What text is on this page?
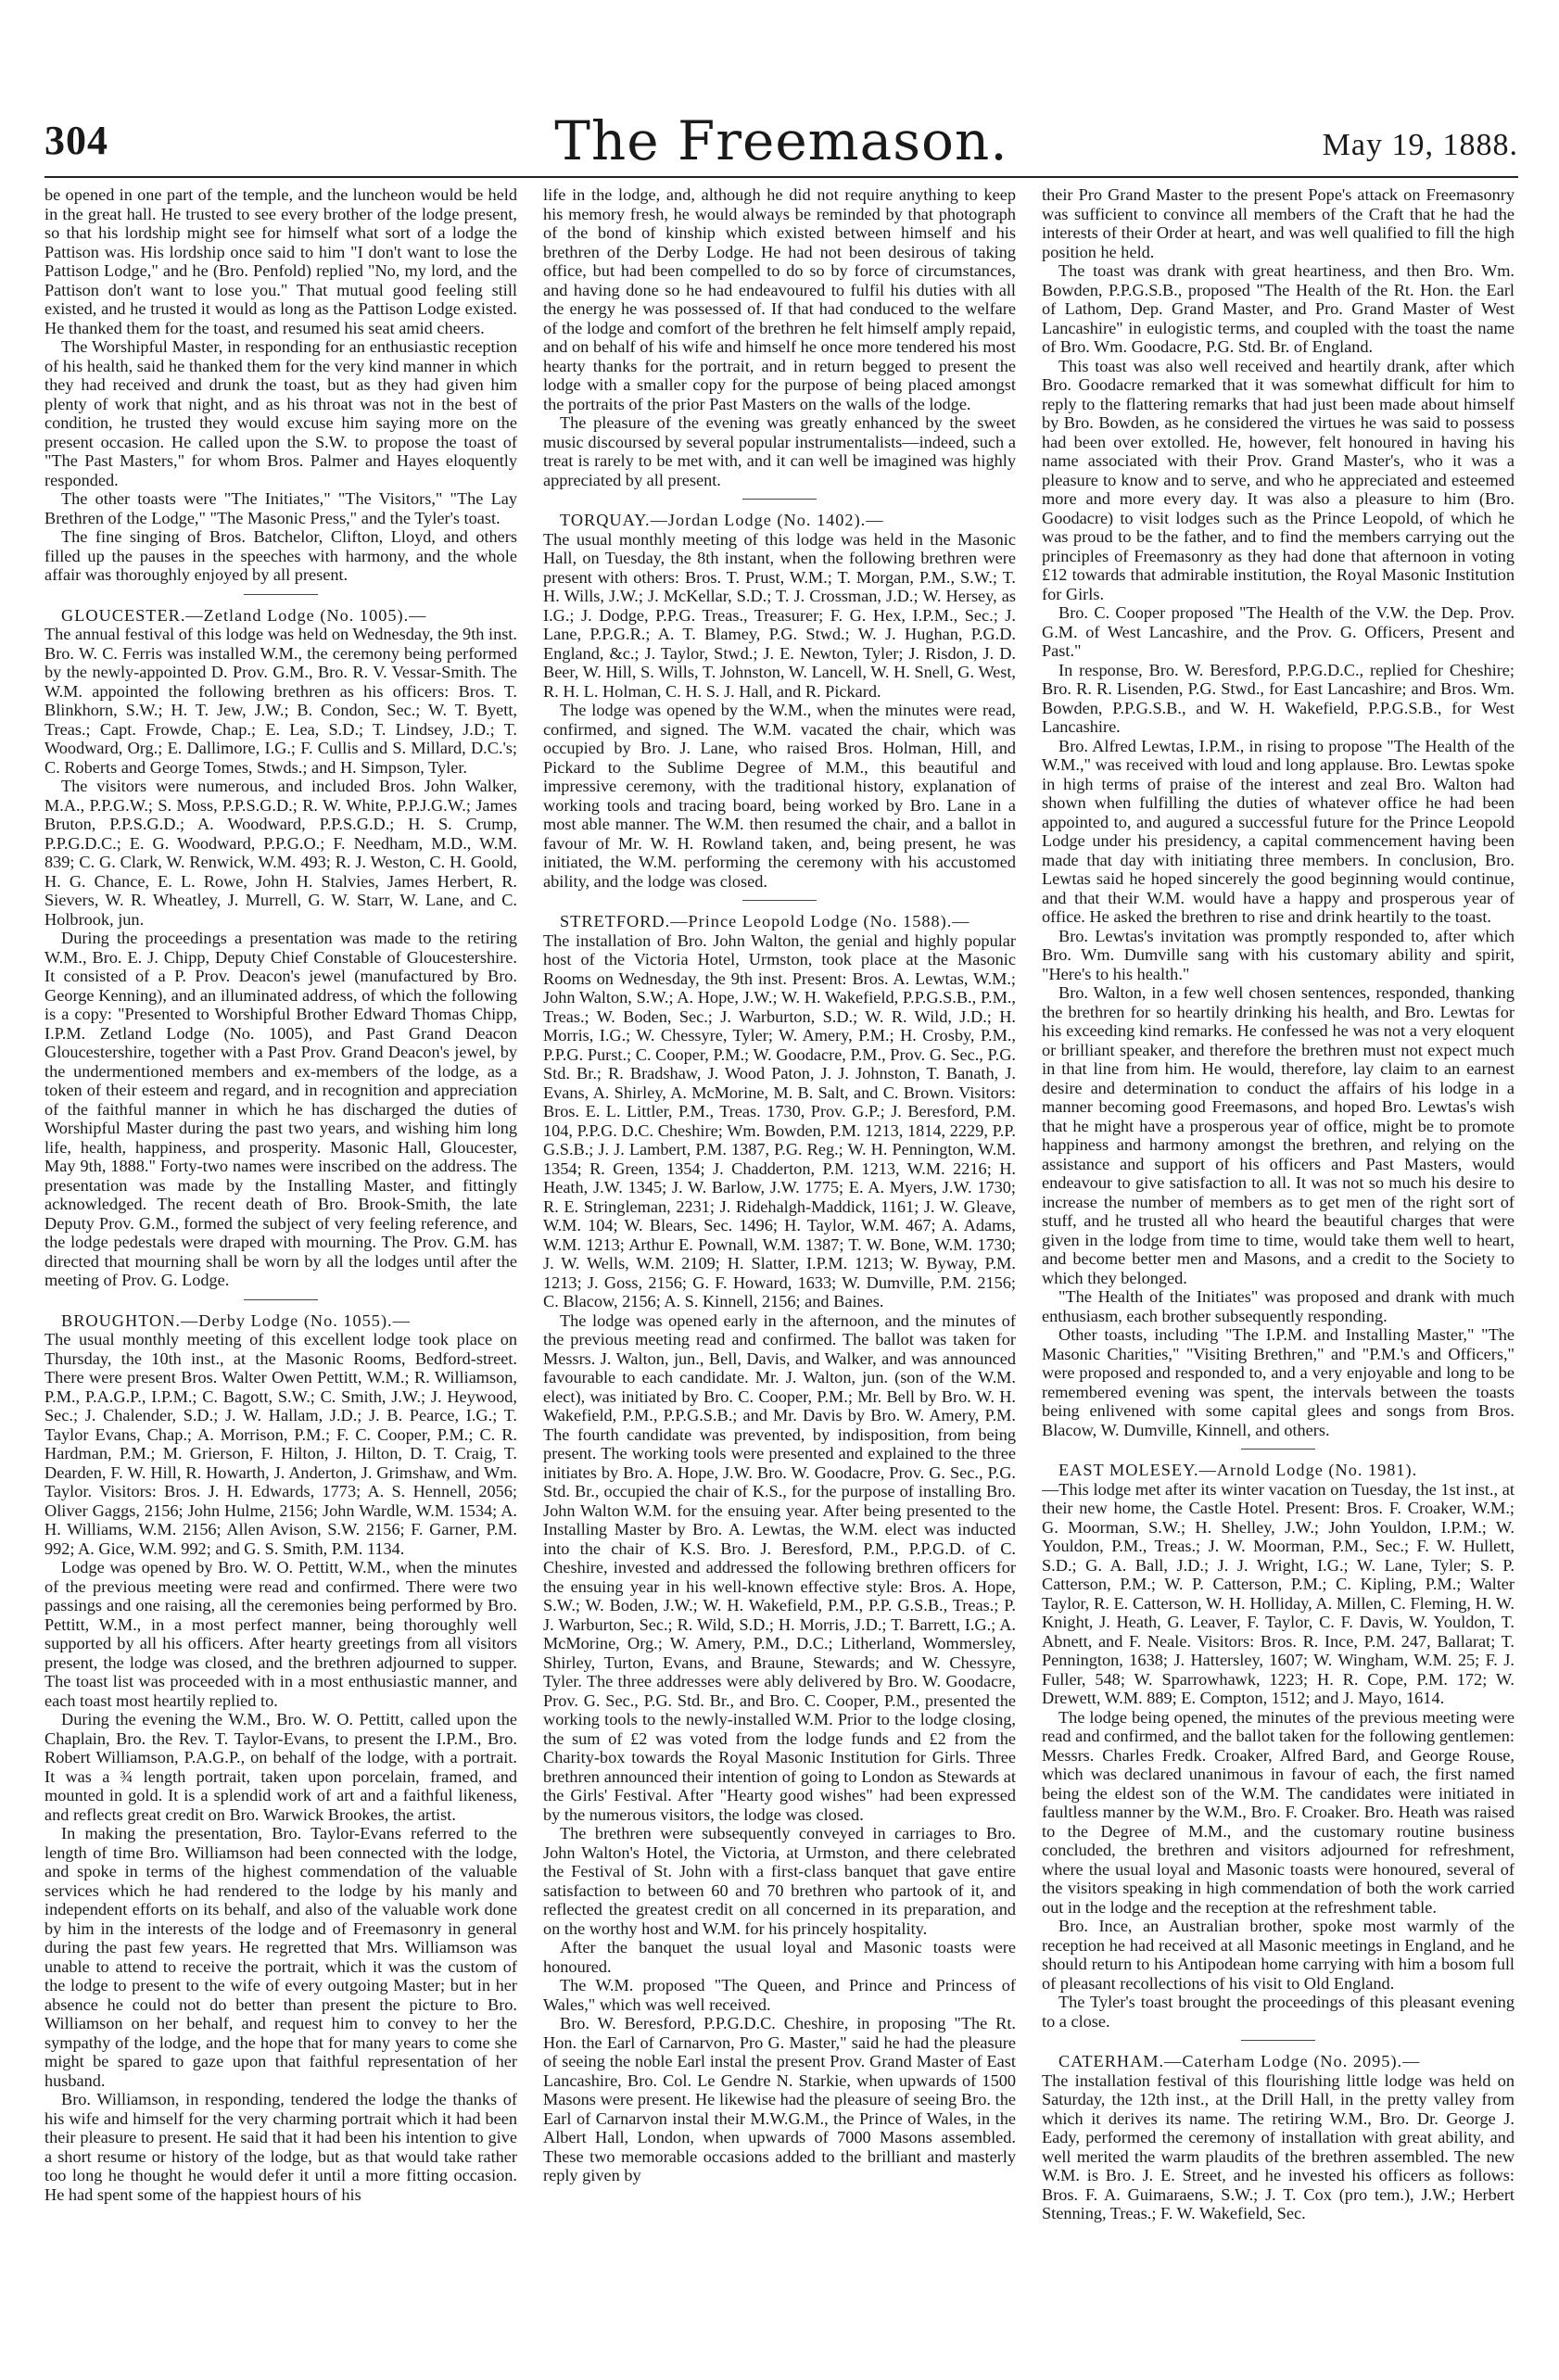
304	The Freemason.	May 19, 1888.

be opened in one part of the temple, and the luncheon would be held in the great hall. He trusted to see every brother of the lodge present, so that his lordship might see for himself what sort of a lodge the Pattison was. His lordship once said to him "I don't want to lose the Pattison Lodge," and he (Bro. Penfold) replied "No, my lord, and the Pattison don't want to lose you." That mutual good feeling still existed, and he trusted it would as long as the Pattison Lodge existed. He thanked them for the toast, and resumed his seat amid cheers.

The Worshipful Master, in responding for an enthusiastic reception of his health, said he thanked them for the very kind manner in which they had received and drunk the toast, but as they had given him plenty of work that night, and as his throat was not in the best of condition, he trusted they would excuse him saying more on the present occasion. He called upon the S.W. to propose the toast of "The Past Masters," for whom Bros. Palmer and Hayes eloquently responded.

The other toasts were "The Initiates," "The Visitors," "The Lay Brethren of the Lodge," "The Masonic Press," and the Tyler's toast.

The fine singing of Bros. Batchelor, Clifton, Lloyd, and others filled up the pauses in the speeches with harmony, and the whole affair was thoroughly enjoyed by all present.

GLOUCESTER.—Zetland Lodge (No. 1005).—

The annual festival of this lodge was held on Wednesday, the 9th inst. Bro. W. C. Ferris was installed W.M., the ceremony being performed by the newly-appointed D. Prov. G.M., Bro. R. V. Vessar-Smith. The W.M. appointed the following brethren as his officers: Bros. T. Blinkhorn, S.W.; H. T. Jew, J.W.; B. Condon, Sec.; W. T. Byett, Treas.; Capt. Frowde, Chap.; E. Lea, S.D.; T. Lindsey, J.D.; T. Woodward, Org.; E. Dallimore, I.G.; F. Cullis and S. Millard, D.C.'s; C. Roberts and George Tomes, Stwds.; and H. Simpson, Tyler.

The visitors were numerous, and included Bros. John Walker, M.A., P.P.G.W.; S. Moss, P.P.S.G.D.; R. W. White, P.P.J.G.W.; James Bruton, P.P.S.G.D.; A. Woodward, P.P.S.G.D.; H. S. Crump, P.P.G.D.C.; E. G. Woodward, P.P.G.O.; F. Needham, M.D., W.M. 839; C. G. Clark, W. Renwick, W.M. 493; R. J. Weston, C. H. Goold, H. G. Chance, E. L. Rowe, John H. Stalvies, James Herbert, R. Sievers, W. R. Wheatley, J. Murrell, G. W. Starr, W. Lane, and C. Holbrook, jun.

During the proceedings a presentation was made to the retiring W.M., Bro. E. J. Chipp, Deputy Chief Constable of Gloucestershire. It consisted of a P. Prov. Deacon's jewel (manufactured by Bro. George Kenning), and an illuminated address, of which the following is a copy: "Presented to Worshipful Brother Edward Thomas Chipp, I.P.M. Zetland Lodge (No. 1005), and Past Grand Deacon Gloucestershire, together with a Past Prov. Grand Deacon's jewel, by the undermentioned members and ex-members of the lodge, as a token of their esteem and regard, and in recognition and appreciation of the faithful manner in which he has discharged the duties of Worshipful Master during the past two years, and wishing him long life, health, happiness, and prosperity. Masonic Hall, Gloucester, May 9th, 1888." Forty-two names were inscribed on the address. The presentation was made by the Installing Master, and fittingly acknowledged. The recent death of Bro. Brook-Smith, the late Deputy Prov. G.M., formed the subject of very feeling reference, and the lodge pedestals were draped with mourning. The Prov. G.M. has directed that mourning shall be worn by all the lodges until after the meeting of Prov. G. Lodge.

BROUGHTON.—Derby Lodge (No. 1055).—

The usual monthly meeting of this excellent lodge took place on Thursday, the 10th inst., at the Masonic Rooms, Bedford-street. There were present Bros. Walter Owen Pettitt, W.M.; R. Williamson, P.M., P.A.G.P., I.P.M.; C. Bagott, S.W.; C. Smith, J.W.; J. Heywood, Sec.; J. Chalender, S.D.; J. W. Hallam, J.D.; J. B. Pearce, I.G.; T. Taylor Evans, Chap.; A. Morrison, P.M.; F. C. Cooper, P.M.; C. R. Hardman, P.M.; M. Grierson, F. Hilton, J. Hilton, D. T. Craig, T. Dearden, F. W. Hill, R. Howarth, J. Anderton, J. Grimshaw, and Wm. Taylor. Visitors: Bros. J. H. Edwards, 1773; A. S. Hennell, 2056; Oliver Gaggs, 2156; John Hulme, 2156; John Wardle, W.M. 1534; A. H. Williams, W.M. 2156; Allen Avison, S.W. 2156; F. Garner, P.M. 992; A. Gice, W.M. 992; and G. S. Smith, P.M. 1134.

Lodge was opened by Bro. W. O. Pettitt, W.M., when the minutes of the previous meeting were read and confirmed. There were two passings and one raising, all the ceremonies being performed by Bro. Pettitt, W.M., in a most perfect manner, being thoroughly well supported by all his officers. After hearty greetings from all visitors present, the lodge was closed, and the brethren adjourned to supper. The toast list was proceeded with in a most enthusiastic manner, and each toast most heartily replied to.

During the evening the W.M., Bro. W. O. Pettitt, called upon the Chaplain, Bro. the Rev. T. Taylor-Evans, to present the I.P.M., Bro. Robert Williamson, P.A.G.P., on behalf of the lodge, with a portrait. It was a ¾ length portrait, taken upon porcelain, framed, and mounted in gold. It is a splendid work of art and a faithful likeness, and reflects great credit on Bro. Warwick Brookes, the artist.

In making the presentation, Bro. Taylor-Evans referred to the length of time Bro. Williamson had been connected with the lodge, and spoke in terms of the highest commendation of the valuable services which he had rendered to the lodge by his manly and independent efforts on its behalf, and also of the valuable work done by him in the interests of the lodge and of Freemasonry in general during the past few years. He regretted that Mrs. Williamson was unable to attend to receive the portrait, which it was the custom of the lodge to present to the wife of every outgoing Master; but in her absence he could not do better than present the picture to Bro. Williamson on her behalf, and request him to convey to her the sympathy of the lodge, and the hope that for many years to come she might be spared to gaze upon that faithful representation of her husband.

Bro. Williamson, in responding, tendered the lodge the thanks of his wife and himself for the very charming portrait which it had been their pleasure to present. He said that it had been his intention to give a short resume or history of the lodge, but as that would take rather too long he thought he would defer it until a more fitting occasion. He had spent some of the happiest hours of his

life in the lodge, and, although he did not require anything to keep his memory fresh, he would always be reminded by that photograph of the bond of kinship which existed between himself and his brethren of the Derby Lodge. He had not been desirous of taking office, but had been compelled to do so by force of circumstances, and having done so he had endeavoured to fulfil his duties with all the energy he was possessed of. If that had conduced to the welfare of the lodge and comfort of the brethren he felt himself amply repaid, and on behalf of his wife and himself he once more tendered his most hearty thanks for the portrait, and in return begged to present the lodge with a smaller copy for the purpose of being placed amongst the portraits of the prior Past Masters on the walls of the lodge.

The pleasure of the evening was greatly enhanced by the sweet music discoursed by several popular instrumentalists—indeed, such a treat is rarely to be met with, and it can well be imagined was highly appreciated by all present.

TORQUAY.—Jordan Lodge (No. 1402).—

The usual monthly meeting of this lodge was held in the Masonic Hall, on Tuesday, the 8th instant, when the following brethren were present with others: Bros. T. Prust, W.M.; T. Morgan, P.M., S.W.; T. H. Wills, J.W.; J. McKellar, S.D.; T. J. Crossman, J.D.; W. Hersey, as I.G.; J. Dodge, P.P.G. Treas., Treasurer; F. G. Hex, I.P.M., Sec.; J. Lane, P.P.G.R.; A. T. Blamey, P.G. Stwd.; W. J. Hughan, P.G.D. England, &c.; J. Taylor, Stwd.; J. E. Newton, Tyler; J. Risdon, J. D. Beer, W. Hill, S. Wills, T. Johnston, W. Lancell, W. H. Snell, G. West, R. H. L. Holman, C. H. S. J. Hall, and R. Pickard.

The lodge was opened by the W.M., when the minutes were read, confirmed, and signed. The W.M. vacated the chair, which was occupied by Bro. J. Lane, who raised Bros. Holman, Hill, and Pickard to the Sublime Degree of M.M., this beautiful and impressive ceremony, with the traditional history, explanation of working tools and tracing board, being worked by Bro. Lane in a most able manner. The W.M. then resumed the chair, and a ballot in favour of Mr. W. H. Rowland taken, and, being present, he was initiated, the W.M. performing the ceremony with his accustomed ability, and the lodge was closed.

STRETFORD.—Prince Leopold Lodge (No. 1588).—

The installation of Bro. John Walton, the genial and highly popular host of the Victoria Hotel, Urmston, took place at the Masonic Rooms on Wednesday, the 9th inst. Present: Bros. A. Lewtas, W.M.; John Walton, S.W.; A. Hope, J.W.; W. H. Wakefield, P.P.G.S.B., P.M., Treas.; W. Boden, Sec.; J. Warburton, S.D.; W. R. Wild, J.D.; H. Morris, I.G.; W. Chessyre, Tyler; W. Amery, P.M.; H. Crosby, P.M., P.P.G. Purst.; C. Cooper, P.M.; W. Goodacre, P.M., Prov. G. Sec., P.G. Std. Br.; R. Bradshaw, J. Wood Paton, J. J. Johnston, T. Banath, J. Evans, A. Shirley, A. McMorine, M. B. Salt, and C. Brown. Visitors: Bros. E. L. Littler, P.M., Treas. 1730, Prov. G.P.; J. Beresford, P.M. 104, P.P.G. D.C. Cheshire; Wm. Bowden, P.M. 1213, 1814, 2229, P.P. G.S.B.; J. J. Lambert, P.M. 1387, P.G. Reg.; W. H. Pennington, W.M. 1354; R. Green, 1354; J. Chadderton, P.M. 1213, W.M. 2216; H. Heath, J.W. 1345; J. W. Barlow, J.W. 1775; E. A. Myers, J.W. 1730; R. E. Stringleman, 2231; J. Ridehalgh-Maddick, 1161; J. W. Gleave, W.M. 104; W. Blears, Sec. 1496; H. Taylor, W.M. 467; A. Adams, W.M. 1213; Arthur E. Pownall, W.M. 1387; T. W. Bone, W.M. 1730; J. W. Wells, W.M. 2109; H. Slatter, I.P.M. 1213; W. Byway, P.M. 1213; J. Goss, 2156; G. F. Howard, 1633; W. Dumville, P.M. 2156; C. Blacow, 2156; A. S. Kinnell, 2156; and Baines.

The lodge was opened early in the afternoon, and the minutes of the previous meeting read and confirmed. The ballot was taken for Messrs. J. Walton, jun., Bell, Davis, and Walker, and was announced favourable to each candidate. Mr. J. Walton, jun. (son of the W.M. elect), was initiated by Bro. C. Cooper, P.M.; Mr. Bell by Bro. W. H. Wakefield, P.M., P.P.G.S.B.; and Mr. Davis by Bro. W. Amery, P.M. The fourth candidate was prevented, by indisposition, from being present. The working tools were presented and explained to the three initiates by Bro. A. Hope, J.W. Bro. W. Goodacre, Prov. G. Sec., P.G. Std. Br., occupied the chair of K.S., for the purpose of installing Bro. John Walton W.M. for the ensuing year. After being presented to the Installing Master by Bro. A. Lewtas, the W.M. elect was inducted into the chair of K.S. Bro. J. Beresford, P.M., P.P.G.D. of C. Cheshire, invested and addressed the following brethren officers for the ensuing year in his well-known effective style: Bros. A. Hope, S.W.; W. Boden, J.W.; W. H. Wakefield, P.M., P.P. G.S.B., Treas.; P. J. Warburton, Sec.; R. Wild, S.D.; H. Morris, J.D.; T. Barrett, I.G.; A. McMorine, Org.; W. Amery, P.M., D.C.; Litherland, Wommersley, Shirley, Turton, Evans, and Braune, Stewards; and W. Chessyre, Tyler. The three addresses were ably delivered by Bro. W. Goodacre, Prov. G. Sec., P.G. Std. Br., and Bro. C. Cooper, P.M., presented the working tools to the newly-installed W.M. Prior to the lodge closing, the sum of £2 was voted from the lodge funds and £2 from the Charity-box towards the Royal Masonic Institution for Girls. Three brethren announced their intention of going to London as Stewards at the Girls' Festival. After "Hearty good wishes" had been expressed by the numerous visitors, the lodge was closed.

The brethren were subsequently conveyed in carriages to Bro. John Walton's Hotel, the Victoria, at Urmston, and there celebrated the Festival of St. John with a first-class banquet that gave entire satisfaction to between 60 and 70 brethren who partook of it, and reflected the greatest credit on all concerned in its preparation, and on the worthy host and W.M. for his princely hospitality.

After the banquet the usual loyal and Masonic toasts were honoured.

The W.M. proposed "The Queen, and Prince and Princess of Wales," which was well received.

Bro. W. Beresford, P.P.G.D.C. Cheshire, in proposing "The Rt. Hon. the Earl of Carnarvon, Pro G. Master," said he had the pleasure of seeing the noble Earl instal the present Prov. Grand Master of East Lancashire, Bro. Col. Le Gendre N. Starkie, when upwards of 1500 Masons were present. He likewise had the pleasure of seeing Bro. the Earl of Carnarvon instal their M.W.G.M., the Prince of Wales, in the Albert Hall, London, when upwards of 7000 Masons assembled. These two memorable occasions added to the brilliant and masterly reply given by

their Pro Grand Master to the present Pope's attack on Freemasonry was sufficient to convince all members of the Craft that he had the interests of their Order at heart, and was well qualified to fill the high position he held.

The toast was drank with great heartiness, and then Bro. Wm. Bowden, P.P.G.S.B., proposed "The Health of the Rt. Hon. the Earl of Lathom, Dep. Grand Master, and Pro. Grand Master of West Lancashire" in eulogistic terms, and coupled with the toast the name of Bro. Wm. Goodacre, P.G. Std. Br. of England.

This toast was also well received and heartily drank, after which Bro. Goodacre remarked that it was somewhat difficult for him to reply to the flattering remarks that had just been made about himself by Bro. Bowden, as he considered the virtues he was said to possess had been over extolled. He, however, felt honoured in having his name associated with their Prov. Grand Master's, who it was a pleasure to know and to serve, and who he appreciated and esteemed more and more every day. It was also a pleasure to him (Bro. Goodacre) to visit lodges such as the Prince Leopold, of which he was proud to be the father, and to find the members carrying out the principles of Freemasonry as they had done that afternoon in voting £12 towards that admirable institution, the Royal Masonic Institution for Girls.

Bro. C. Cooper proposed "The Health of the V.W. the Dep. Prov. G.M. of West Lancashire, and the Prov. G. Officers, Present and Past."

In response, Bro. W. Beresford, P.P.G.D.C., replied for Cheshire; Bro. R. R. Lisenden, P.G. Stwd., for East Lancashire; and Bros. Wm. Bowden, P.P.G.S.B., and W. H. Wakefield, P.P.G.S.B., for West Lancashire.

Bro. Alfred Lewtas, I.P.M., in rising to propose "The Health of the W.M.," was received with loud and long applause. Bro. Lewtas spoke in high terms of praise of the interest and zeal Bro. Walton had shown when fulfilling the duties of whatever office he had been appointed to, and augured a successful future for the Prince Leopold Lodge under his presidency, a capital commencement having been made that day with initiating three members. In conclusion, Bro. Lewtas said he hoped sincerely the good beginning would continue, and that their W.M. would have a happy and prosperous year of office. He asked the brethren to rise and drink heartily to the toast.

Bro. Lewtas's invitation was promptly responded to, after which Bro. Wm. Dumville sang with his customary ability and spirit, "Here's to his health."

Bro. Walton, in a few well chosen sentences, responded, thanking the brethren for so heartily drinking his health, and Bro. Lewtas for his exceeding kind remarks. He confessed he was not a very eloquent or brilliant speaker, and therefore the brethren must not expect much in that line from him. He would, therefore, lay claim to an earnest desire and determination to conduct the affairs of his lodge in a manner becoming good Freemasons, and hoped Bro. Lewtas's wish that he might have a prosperous year of office, might be to promote happiness and harmony amongst the brethren, and relying on the assistance and support of his officers and Past Masters, would endeavour to give satisfaction to all. It was not so much his desire to increase the number of members as to get men of the right sort of stuff, and he trusted all who heard the beautiful charges that were given in the lodge from time to time, would take them well to heart, and become better men and Masons, and a credit to the Society to which they belonged.

"The Health of the Initiates" was proposed and drank with much enthusiasm, each brother subsequently responding.

Other toasts, including "The I.P.M. and Installing Master," "The Masonic Charities," "Visiting Brethren," and "P.M.'s and Officers," were proposed and responded to, and a very enjoyable and long to be remembered evening was spent, the intervals between the toasts being enlivened with some capital glees and songs from Bros. Blacow, W. Dumville, Kinnell, and others.

EAST MOLESEY.—Arnold Lodge (No. 1981).

—This lodge met after its winter vacation on Tuesday, the 1st inst., at their new home, the Castle Hotel. Present: Bros. F. Croaker, W.M.; G. Moorman, S.W.; H. Shelley, J.W.; John Youldon, I.P.M.; W. Youldon, P.M., Treas.; J. W. Moorman, P.M., Sec.; F. W. Hullett, S.D.; G. A. Ball, J.D.; J. J. Wright, I.G.; W. Lane, Tyler; S. P. Catterson, P.M.; W. P. Catterson, P.M.; C. Kipling, P.M.; Walter Taylor, R. E. Catterson, W. H. Holliday, A. Millen, C. Fleming, H. W. Knight, J. Heath, G. Leaver, F. Taylor, C. F. Davis, W. Youldon, T. Abnett, and F. Neale. Visitors: Bros. R. Ince, P.M. 247, Ballarat; T. Pennington, 1638; J. Hattersley, 1607; W. Wingham, W.M. 25; F. J. Fuller, 548; W. Sparrowhawk, 1223; H. R. Cope, P.M. 172; W. Drewett, W.M. 889; E. Compton, 1512; and J. Mayo, 1614.

The lodge being opened, the minutes of the previous meeting were read and confirmed, and the ballot taken for the following gentlemen: Messrs. Charles Fredk. Croaker, Alfred Bard, and George Rouse, which was declared unanimous in favour of each, the first named being the eldest son of the W.M. The candidates were initiated in faultless manner by the W.M., Bro. F. Croaker. Bro. Heath was raised to the Degree of M.M., and the customary routine business concluded, the brethren and visitors adjourned for refreshment, where the usual loyal and Masonic toasts were honoured, several of the visitors speaking in high commendation of both the work carried out in the lodge and the reception at the refreshment table.

Bro. Ince, an Australian brother, spoke most warmly of the reception he had received at all Masonic meetings in England, and he should return to his Antipodean home carrying with him a bosom full of pleasant recollections of his visit to Old England.

The Tyler's toast brought the proceedings of this pleasant evening to a close.

CATERHAM.—Caterham Lodge (No. 2095).—

The installation festival of this flourishing little lodge was held on Saturday, the 12th inst., at the Drill Hall, in the pretty valley from which it derives its name. The retiring W.M., Bro. Dr. George J. Eady, performed the ceremony of installation with great ability, and well merited the warm plaudits of the brethren assembled. The new W.M. is Bro. J. E. Street, and he invested his officers as follows: Bros. F. A. Guimaraens, S.W.; J. T. Cox (pro tem.), J.W.; Herbert Stenning, Treas.; F. W. Wakefield, Sec.
